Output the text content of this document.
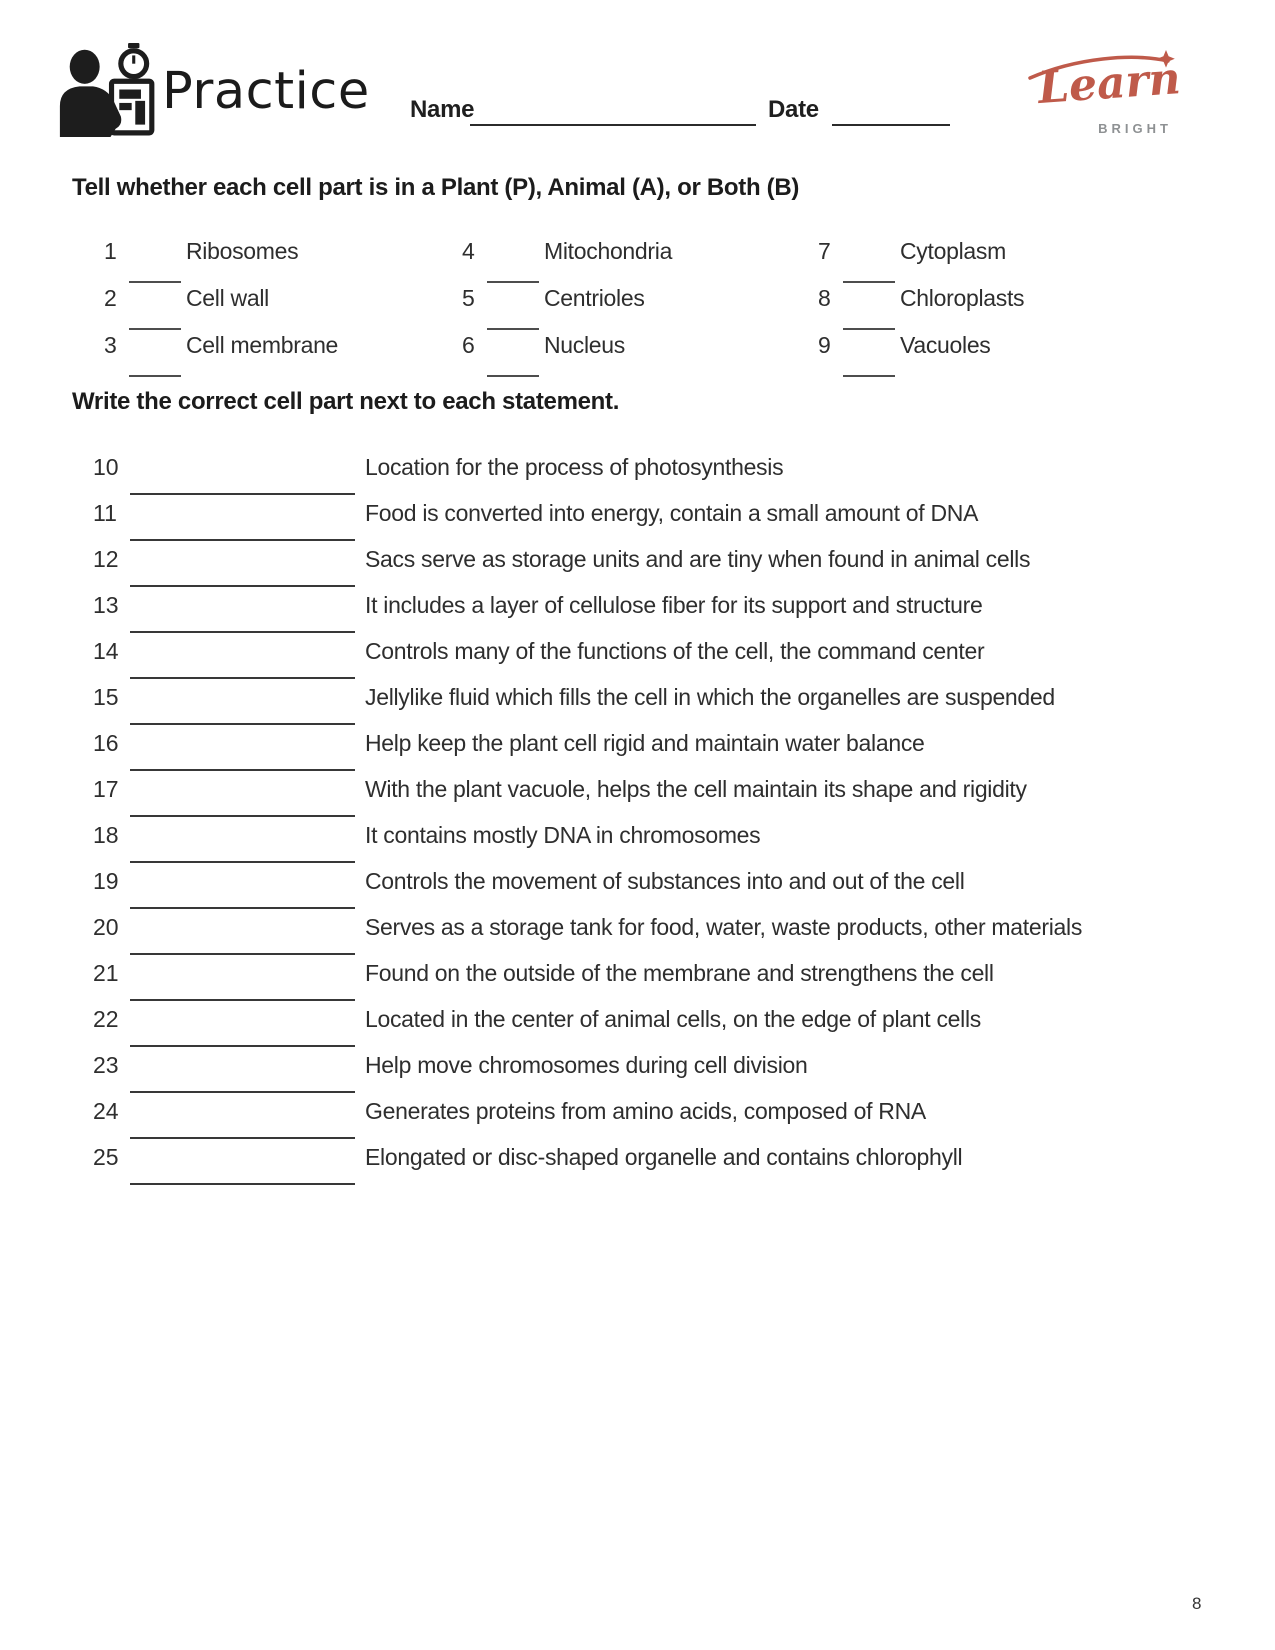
Practice Name	Date	Learn
BRIGHT
Tell whether each cell part is in a Plant (P), Animal (A), or Both (B)
1	Ribosomes
2	Cell wall
3	Cell membrane
4	Mitochondria
5	Centrioles
6	Nucleus
7	Cytoplasm
8	Chloroplasts
9	Vacuoles
Write the correct cell part next to each statement.
10	Location for the process of photosynthesis
11	Food is converted into energy, contain a small amount of DNA
12	Sacs serve as storage units and are tiny when found in animal cells
13	It includes a layer of cellulose fiber for its support and structure
14	Controls many of the functions of the cell, the command center
15	Jellylike fluid which fills the cell in which the organelles are suspended
16	Help keep the plant cell rigid and maintain water balance
17	With the plant vacuole, helps the cell maintain its shape and rigidity
18	It contains mostly DNA in chromosomes
19	Controls the movement of substances into and out of the cell
20	Serves as a storage tank for food, water, waste products, other materials
21	Found on the outside of the membrane and strengthens the cell
22	Located in the center of animal cells, on the edge of plant cells
23	Help move chromosomes during cell division
24	Generates proteins from amino acids, composed of RNA
25	Elongated or disc-shaped organelle and contains chlorophyll
8
